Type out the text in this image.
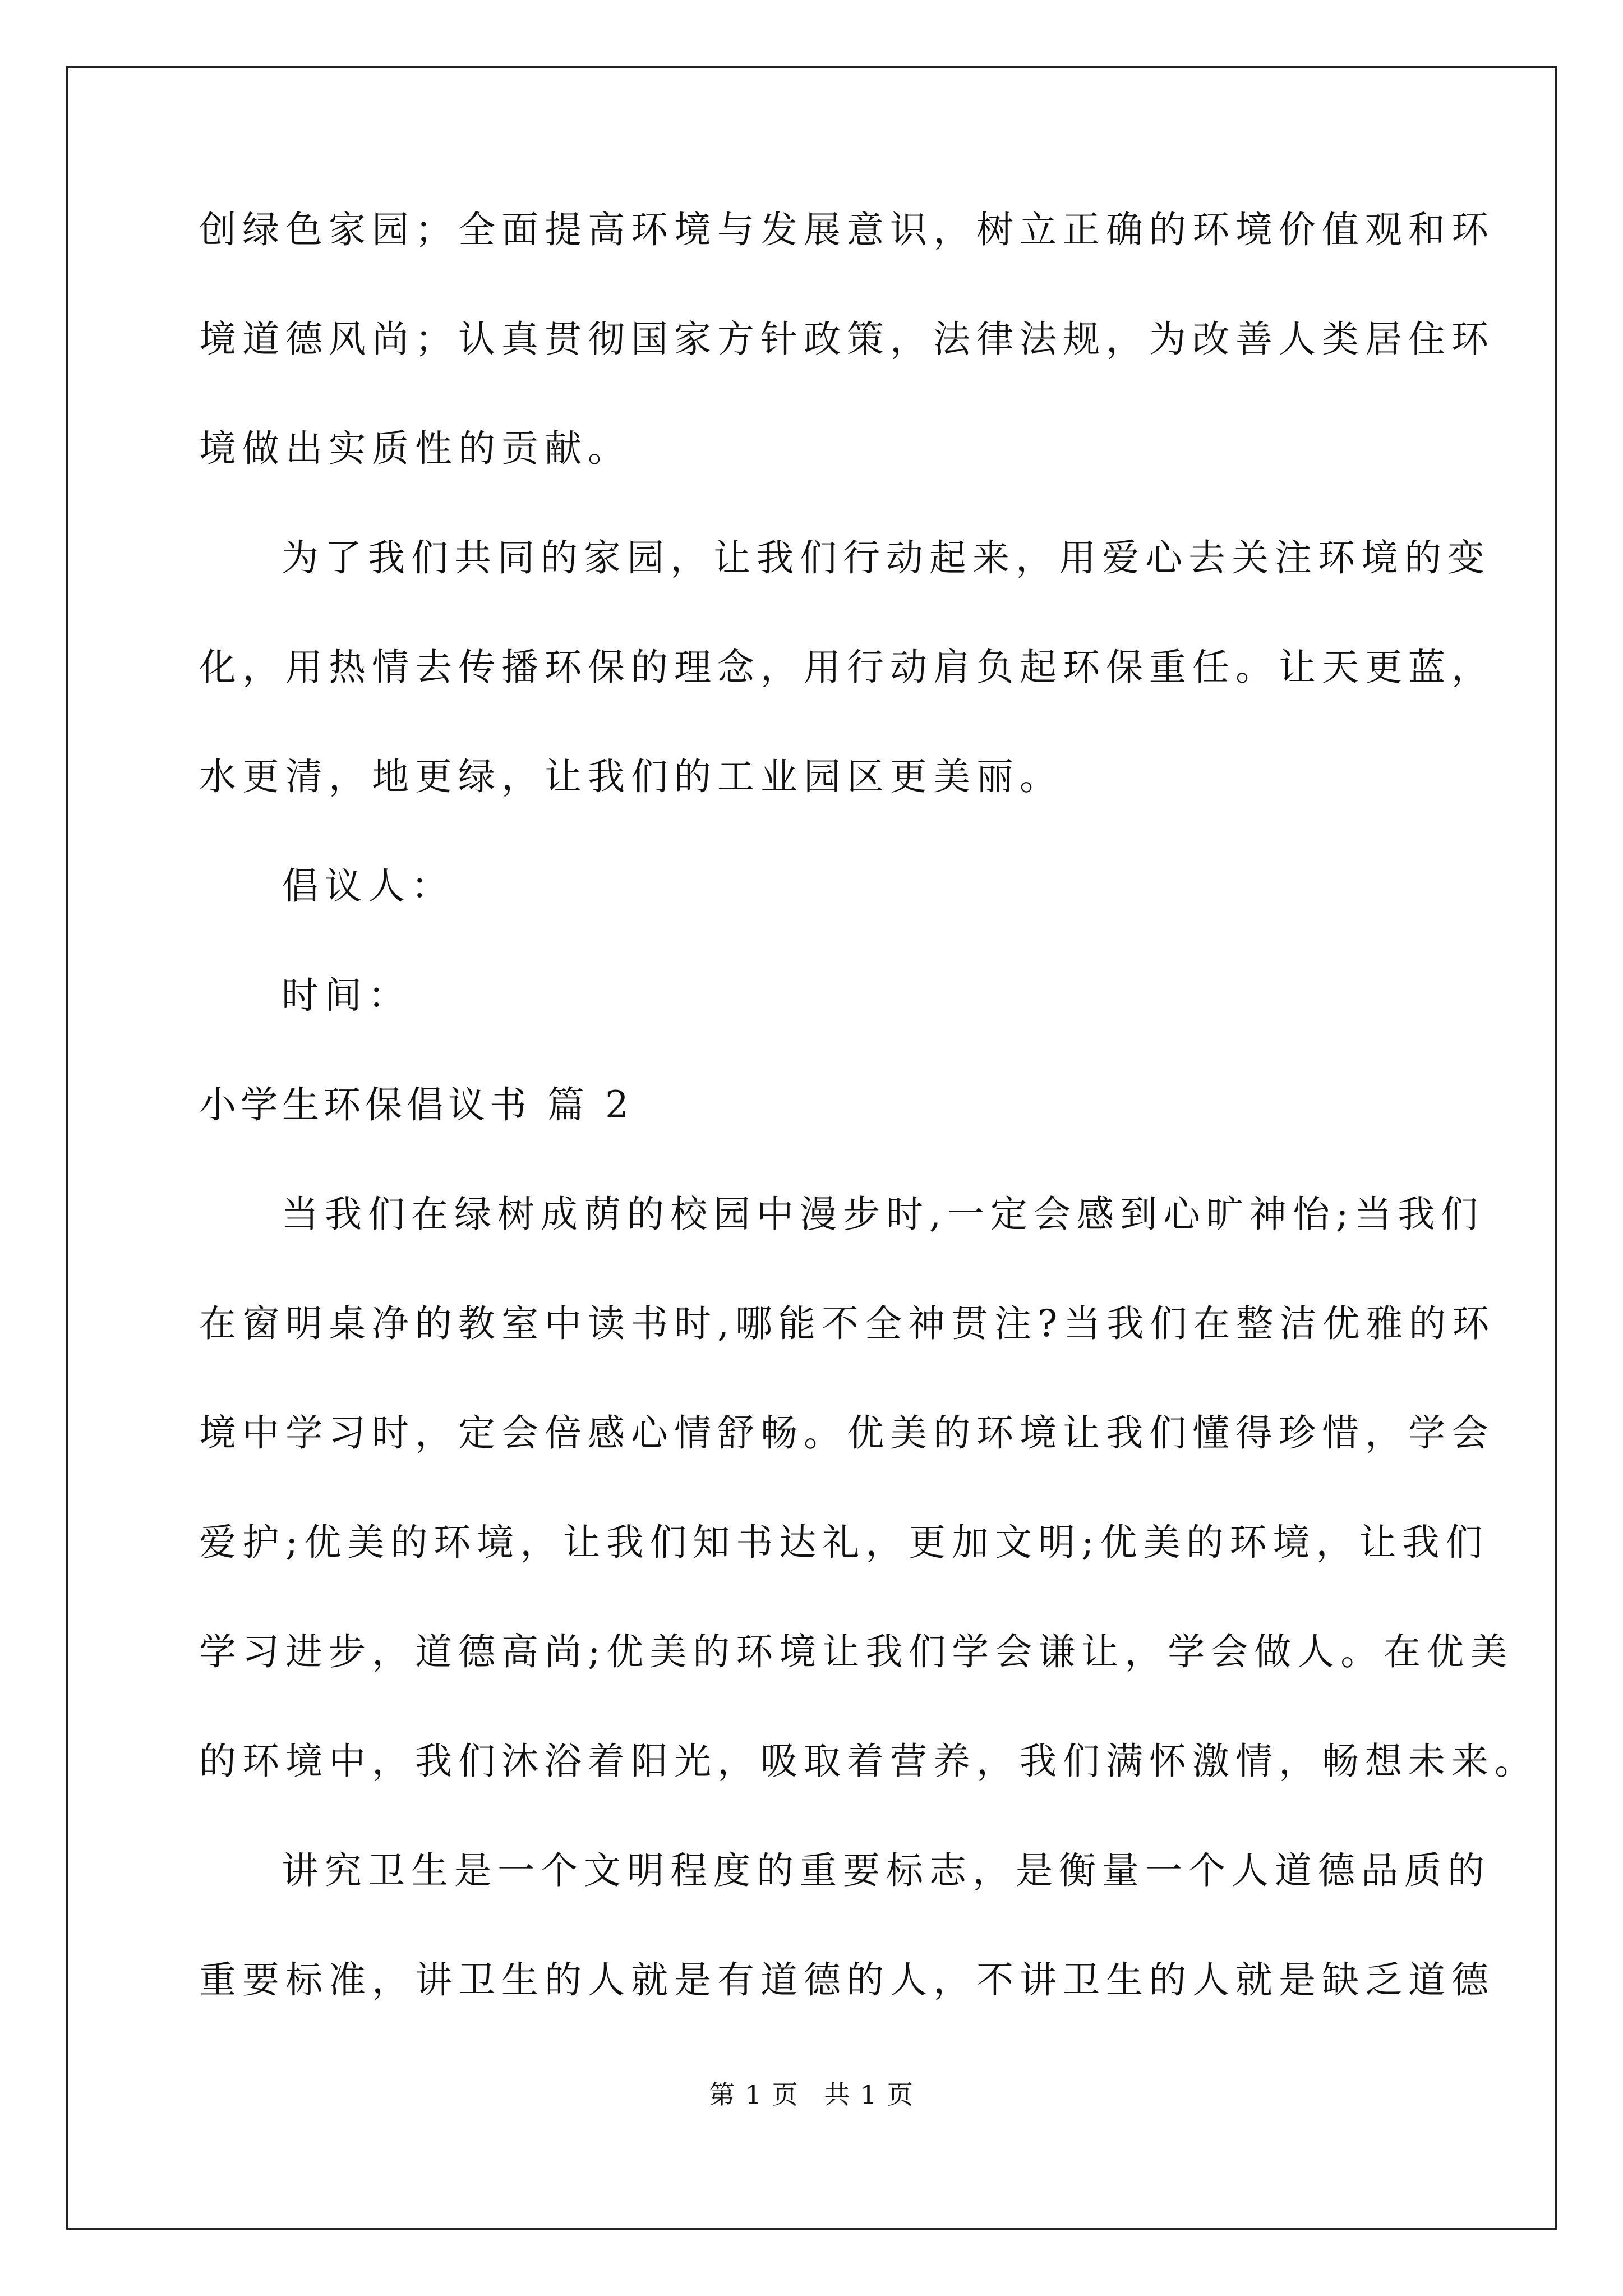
创绿色家园；全面提高环境与发展意识，树立正确的环境价值观和环
境道德风尚；认真贯彻国家方针政策，法律法规，为改善人类居住环
境做出实质性的贡献。
为了我们共同的家园，让我们行动起来，用爱心去关注环境的变
化，用热情去传播环保的理念，用行动肩负起环保重任。让天更蓝，
水更清，地更绿，让我们的工业园区更美丽。
倡议人：
时间：
小学生环保倡议书 篇 2
当我们在绿树成荫的校园中漫步时,一定会感到心旷神怡;当我们
在窗明桌净的教室中读书时,哪能不全神贯注?当我们在整洁优雅的环
境中学习时，定会倍感心情舒畅。优美的环境让我们懂得珍惜，学会
爱护;优美的环境，让我们知书达礼，更加文明;优美的环境，让我们
学习进步，道德高尚;优美的环境让我们学会谦让，学会做人。在优美
的环境中，我们沐浴着阳光，吸取着营养，我们满怀激情，畅想未来。
讲究卫生是一个文明程度的重要标志，是衡量一个人道德品质的
重要标准，讲卫生的人就是有道德的人，不讲卫生的人就是缺乏道德
第 1 页 共 1 页
